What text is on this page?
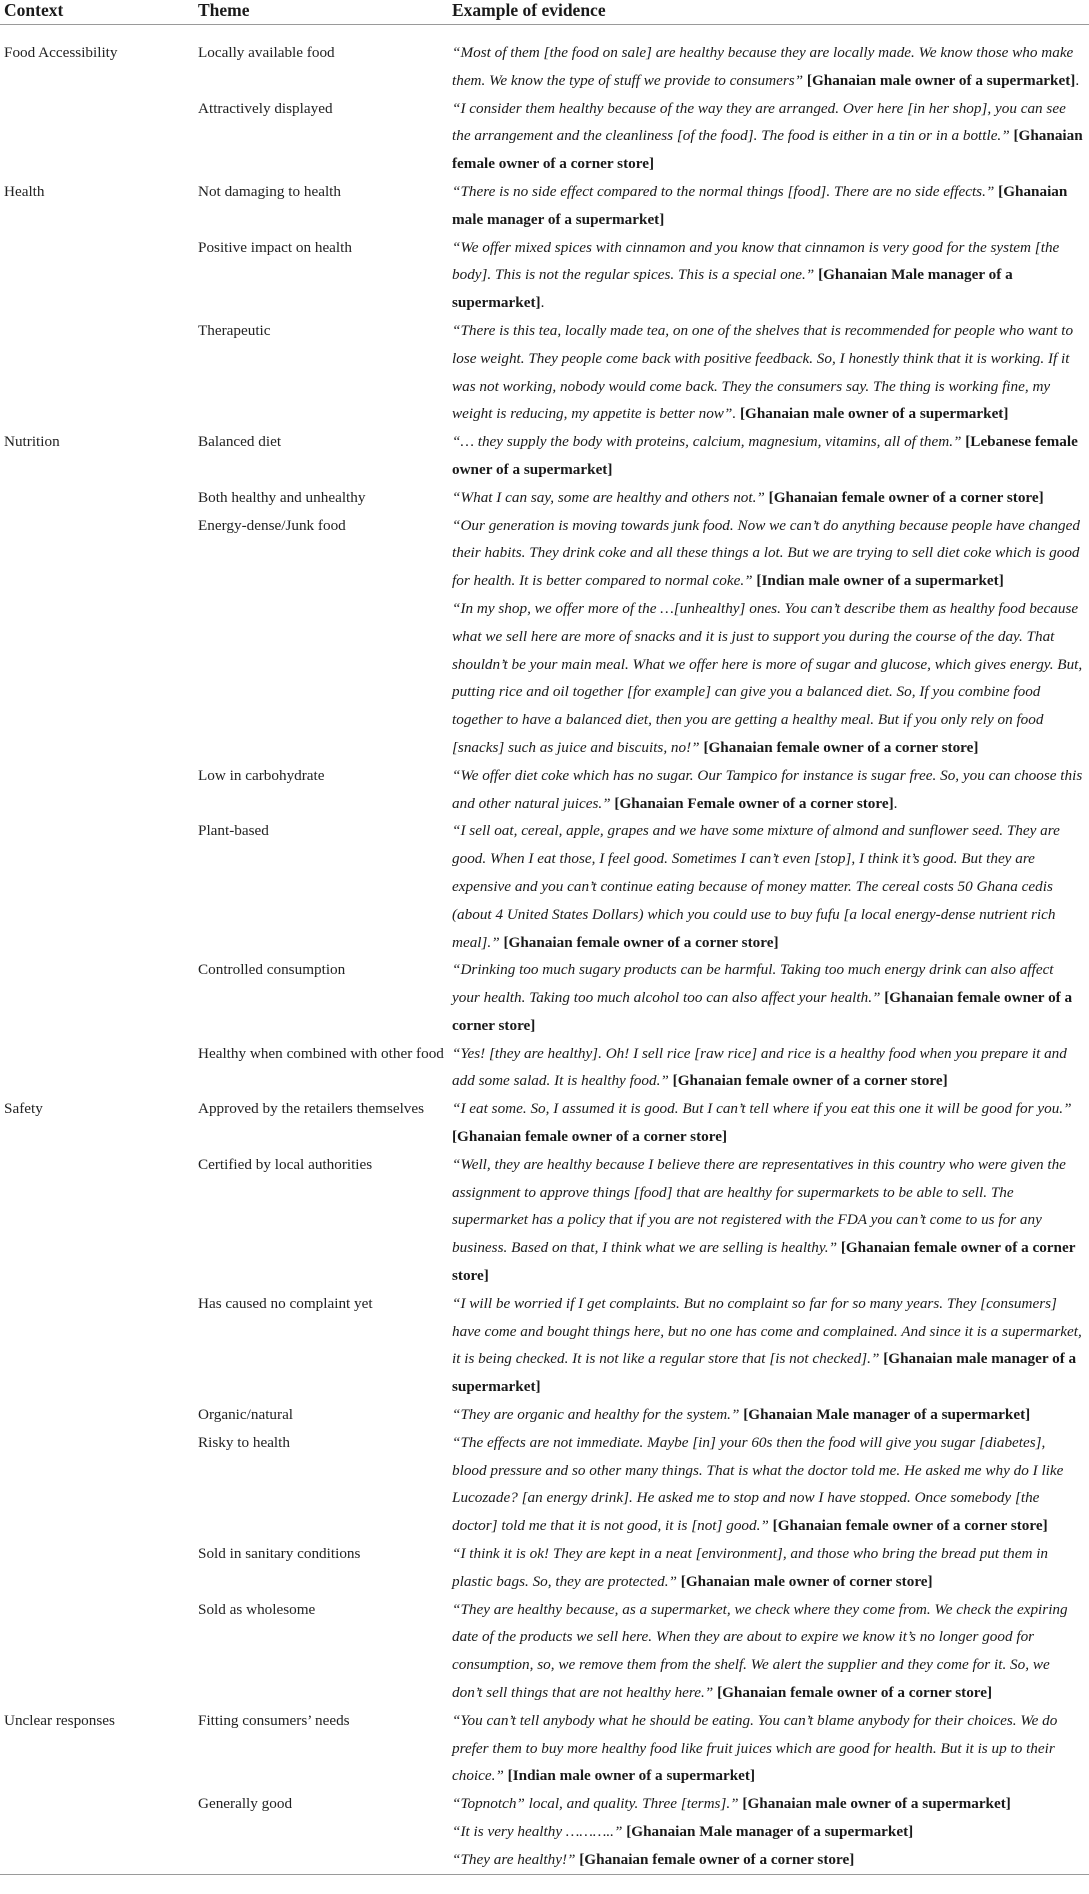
Context	Theme	Example of evidence
Food Accessibility	Locally available food	“Most of them [the food on sale] are healthy because they are locally made. We know those who make them. We know the type of stuff we provide to consumers” [Ghanaian male owner of a supermarket].
	Attractively displayed	“I consider them healthy because of the way they are arranged. Over here [in her shop], you can see the arrangement and the cleanliness [of the food]. The food is either in a tin or in a bottle.” [Ghanaian female owner of a corner store]
Health	Not damaging to health	“There is no side effect compared to the normal things [food]. There are no side effects.” [Ghanaian male manager of a supermarket]
	Positive impact on health	“We offer mixed spices with cinnamon and you know that cinnamon is very good for the system [the body]. This is not the regular spices. This is a special one.” [Ghanaian Male manager of a supermarket].
	Therapeutic	“There is this tea, locally made tea, on one of the shelves that is recommended for people who want to lose weight. They people come back with positive feedback. So, I honestly think that it is working. If it was not working, nobody would come back. They the consumers say. The thing is working fine, my weight is reducing, my appetite is better now”. [Ghanaian male owner of a supermarket]
Nutrition	Balanced diet	“… they supply the body with proteins, calcium, magnesium, vitamins, all of them.” [Lebanese female owner of a supermarket]
	Both healthy and unhealthy	“What I can say, some are healthy and others not.” [Ghanaian female owner of a corner store]
	Energy-dense/Junk food	“Our generation is moving towards junk food. Now we can’t do anything because people have changed their habits. They drink coke and all these things a lot. But we are trying to sell diet coke which is good for health. It is better compared to normal coke.” [Indian male owner of a supermarket]
		“In my shop, we offer more of the …[unhealthy] ones. You can’t describe them as healthy food because what we sell here are more of snacks and it is just to support you during the course of the day. That shouldn’t be your main meal. What we offer here is more of sugar and glucose, which gives energy. But, putting rice and oil together [for example] can give you a balanced diet. So, If you combine food together to have a balanced diet, then you are getting a healthy meal. But if you only rely on food [snacks] such as juice and biscuits, no!” [Ghanaian female owner of a corner store]
	Low in carbohydrate	“We offer diet coke which has no sugar. Our Tampico for instance is sugar free. So, you can choose this and other natural juices.” [Ghanaian Female owner of a corner store].
	Plant-based	“I sell oat, cereal, apple, grapes and we have some mixture of almond and sunflower seed. They are good. When I eat those, I feel good. Sometimes I can’t even [stop], I think it’s good. But they are expensive and you can’t continue eating because of money matter. The cereal costs 50 Ghana cedis (about 4 United States Dollars) which you could use to buy fufu [a local energy-dense nutrient rich meal].” [Ghanaian female owner of a corner store]
	Controlled consumption	“Drinking too much sugary products can be harmful. Taking too much energy drink can also affect your health. Taking too much alcohol too can also affect your health.” [Ghanaian female owner of a corner store]
	Healthy when combined with other food	“Yes! [they are healthy]. Oh! I sell rice [raw rice] and rice is a healthy food when you prepare it and add some salad. It is healthy food.” [Ghanaian female owner of a corner store]
Safety	Approved by the retailers themselves	“I eat some. So, I assumed it is good. But I can’t tell where if you eat this one it will be good for you.” [Ghanaian female owner of a corner store]
	Certified by local authorities	“Well, they are healthy because I believe there are representatives in this country who were given the assignment to approve things [food] that are healthy for supermarkets to be able to sell. The supermarket has a policy that if you are not registered with the FDA you can’t come to us for any business. Based on that, I think what we are selling is healthy.” [Ghanaian female owner of a corner store]
	Has caused no complaint yet	“I will be worried if I get complaints. But no complaint so far for so many years. They [consumers] have come and bought things here, but no one has come and complained. And since it is a supermarket, it is being checked. It is not like a regular store that [is not checked].” [Ghanaian male manager of a supermarket]
	Organic/natural	“They are organic and healthy for the system.” [Ghanaian Male manager of a supermarket]
	Risky to health	“The effects are not immediate. Maybe [in] your 60s then the food will give you sugar [diabetes], blood pressure and so other many things. That is what the doctor told me. He asked me why do I like Lucozade? [an energy drink]. He asked me to stop and now I have stopped. Once somebody [the doctor] told me that it is not good, it is [not] good.” [Ghanaian female owner of a corner store]
	Sold in sanitary conditions	“I think it is ok! They are kept in a neat [environment], and those who bring the bread put them in plastic bags. So, they are protected.” [Ghanaian male owner of corner store]
	Sold as wholesome	“They are healthy because, as a supermarket, we check where they come from. We check the expiring date of the products we sell here. When they are about to expire we know it’s no longer good for consumption, so, we remove them from the shelf. We alert the supplier and they come for it. So, we don’t sell things that are not healthy here.” [Ghanaian female owner of a corner store]
Unclear responses	Fitting consumers’ needs	“You can’t tell anybody what he should be eating. You can’t blame anybody for their choices. We do prefer them to buy more healthy food like fruit juices which are good for health. But it is up to their choice.” [Indian male owner of a supermarket]
	Generally good	“Topnotch” local, and quality. Three [terms].” [Ghanaian male owner of a supermarket]
		“It is very healthy ………..” [Ghanaian Male manager of a supermarket]
		“They are healthy!” [Ghanaian female owner of a corner store]
